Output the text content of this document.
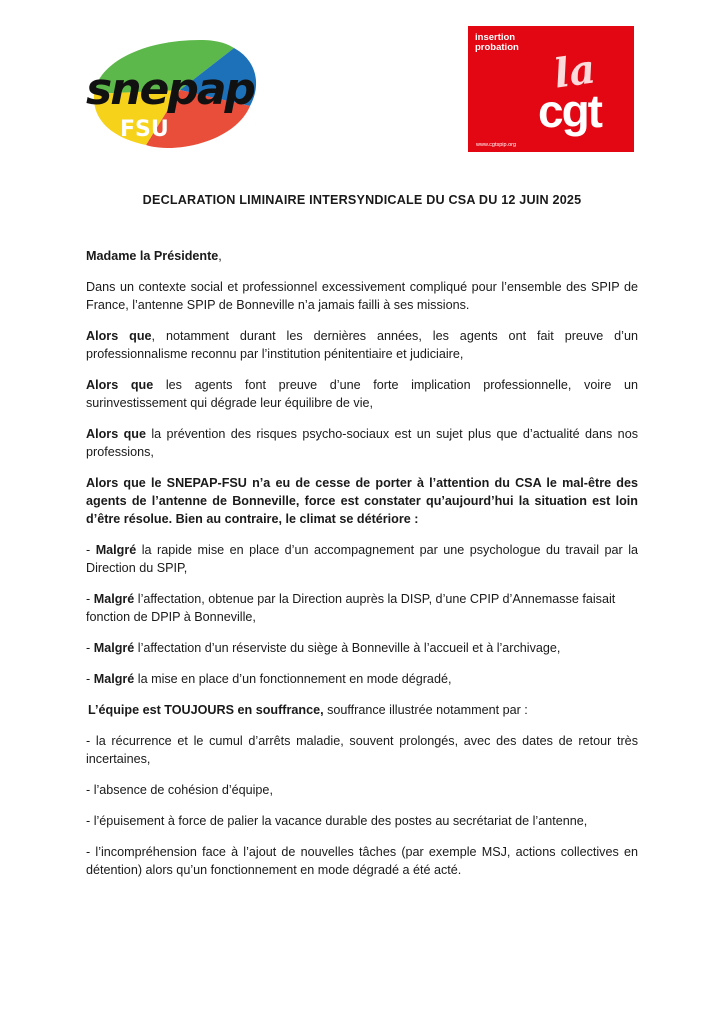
snepap
FSU
insertion
probation la
cgt
www.cgtspip.org
DECLARATION LIMINAIRE INTERSYNDICALE DU CSA DU 12 JUIN 2025

Madame la Présidente,

Dans un contexte social et professionnel excessivement compliqué pour l’ensemble des SPIP de France, l’antenne SPIP de Bonneville n’a jamais failli à ses missions.

Alors que, notamment durant les dernières années, les agents ont fait preuve d’un professionnalisme reconnu par l’institution pénitentiaire et judiciaire,

Alors que les agents font preuve d’une forte implication professionnelle, voire un surinvestissement qui dégrade leur équilibre de vie,

Alors que la prévention des risques psycho-sociaux est un sujet plus que d’actualité dans nos professions,

Alors que le SNEPAP-FSU n’a eu de cesse de porter à l’attention du CSA le mal-être des agents de l’antenne de Bonneville, force est constater qu’aujourd’hui la situation est loin d’être résolue. Bien au contraire, le climat se détériore :

- Malgré la rapide mise en place d’un accompagnement par une psychologue du travail par la Direction du SPIP,

- Malgré l’affectation, obtenue par la Direction auprès la DISP, d’une CPIP d’Annemasse faisait fonction de DPIP à Bonneville,

- Malgré l’affectation d’un réserviste du siège à Bonneville à l’accueil et à l’archivage,

- Malgré la mise en place d’un fonctionnement en mode dégradé,

L’équipe est TOUJOURS en souffrance, souffrance illustrée notamment par :

- la récurrence et le cumul d’arrêts maladie, souvent prolongés, avec des dates de retour très incertaines,

- l’absence de cohésion d’équipe,

- l’épuisement à force de palier la vacance durable des postes au secrétariat de l’antenne,

- l’incompréhension face à l’ajout de nouvelles tâches (par exemple MSJ, actions collectives en détention) alors qu’un fonctionnement en mode dégradé a été acté.
